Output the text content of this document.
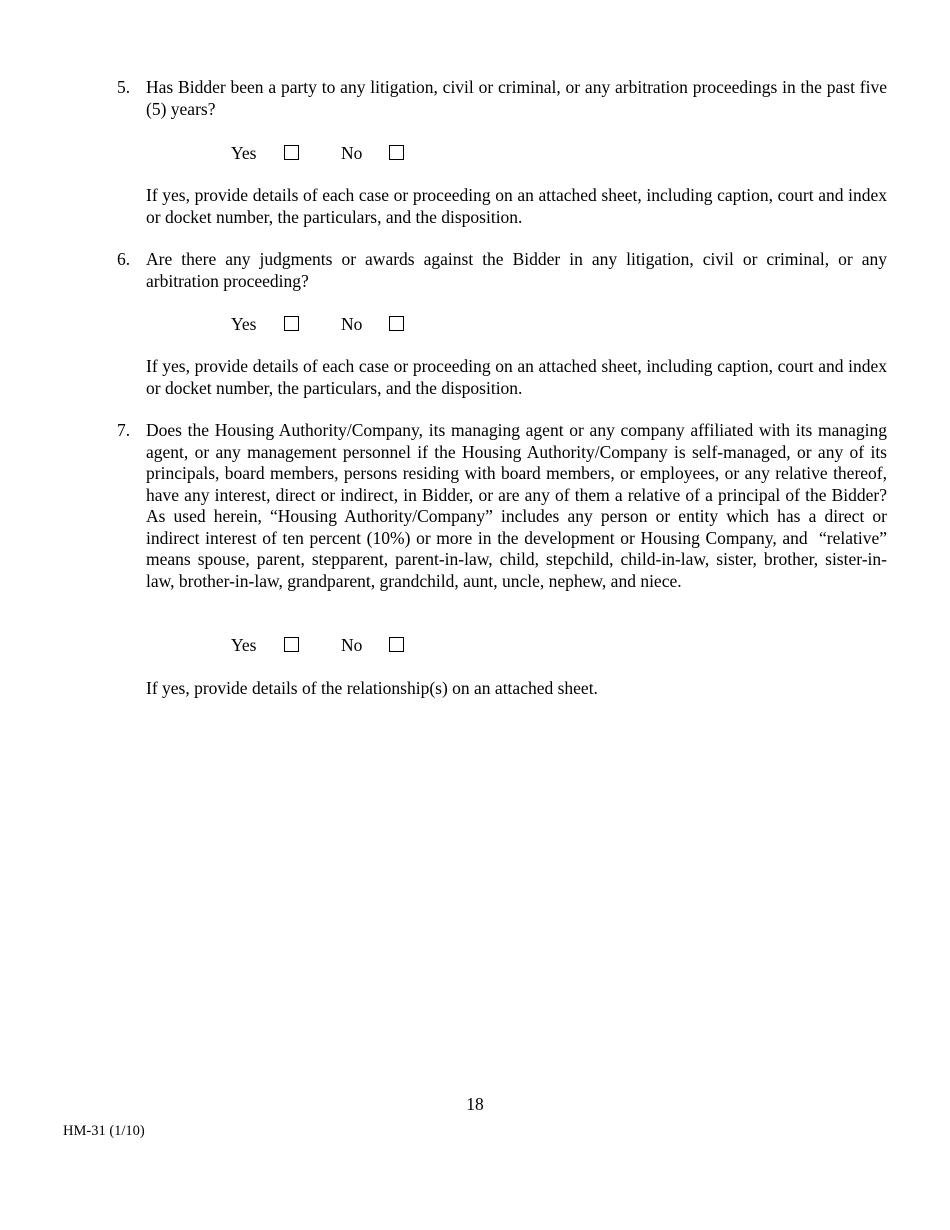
5. Has Bidder been a party to any litigation, civil or criminal, or any arbitration proceedings in the past five (5) years?
Yes	No
If yes, provide details of each case or proceeding on an attached sheet, including caption, court and index or docket number, the particulars, and the disposition.
6. Are there any judgments or awards against the Bidder in any litigation, civil or criminal, or any arbitration proceeding?
Yes	No
If yes, provide details of each case or proceeding on an attached sheet, including caption, court and index or docket number, the particulars, and the disposition.
7. Does the Housing Authority/Company, its managing agent or any company affiliated with its managing agent, or any management personnel if the Housing Authority/Company is self-managed, or any of its principals, board members, persons residing with board members, or employees, or any relative thereof, have any interest, direct or indirect, in Bidder, or are any of them a relative of a principal of the Bidder? As used herein, “Housing Authority/Company” includes any person or entity which has a direct or indirect interest of ten percent (10%) or more in the development or Housing Company, and  “relative” means spouse, parent, stepparent, parent-in-law, child, stepchild, child-in-law, sister, brother, sister-in-law, brother-in-law, grandparent, grandchild, aunt, uncle, nephew, and niece.
Yes	No
If yes, provide details of the relationship(s) on an attached sheet.
18
HM-31 (1/10)
